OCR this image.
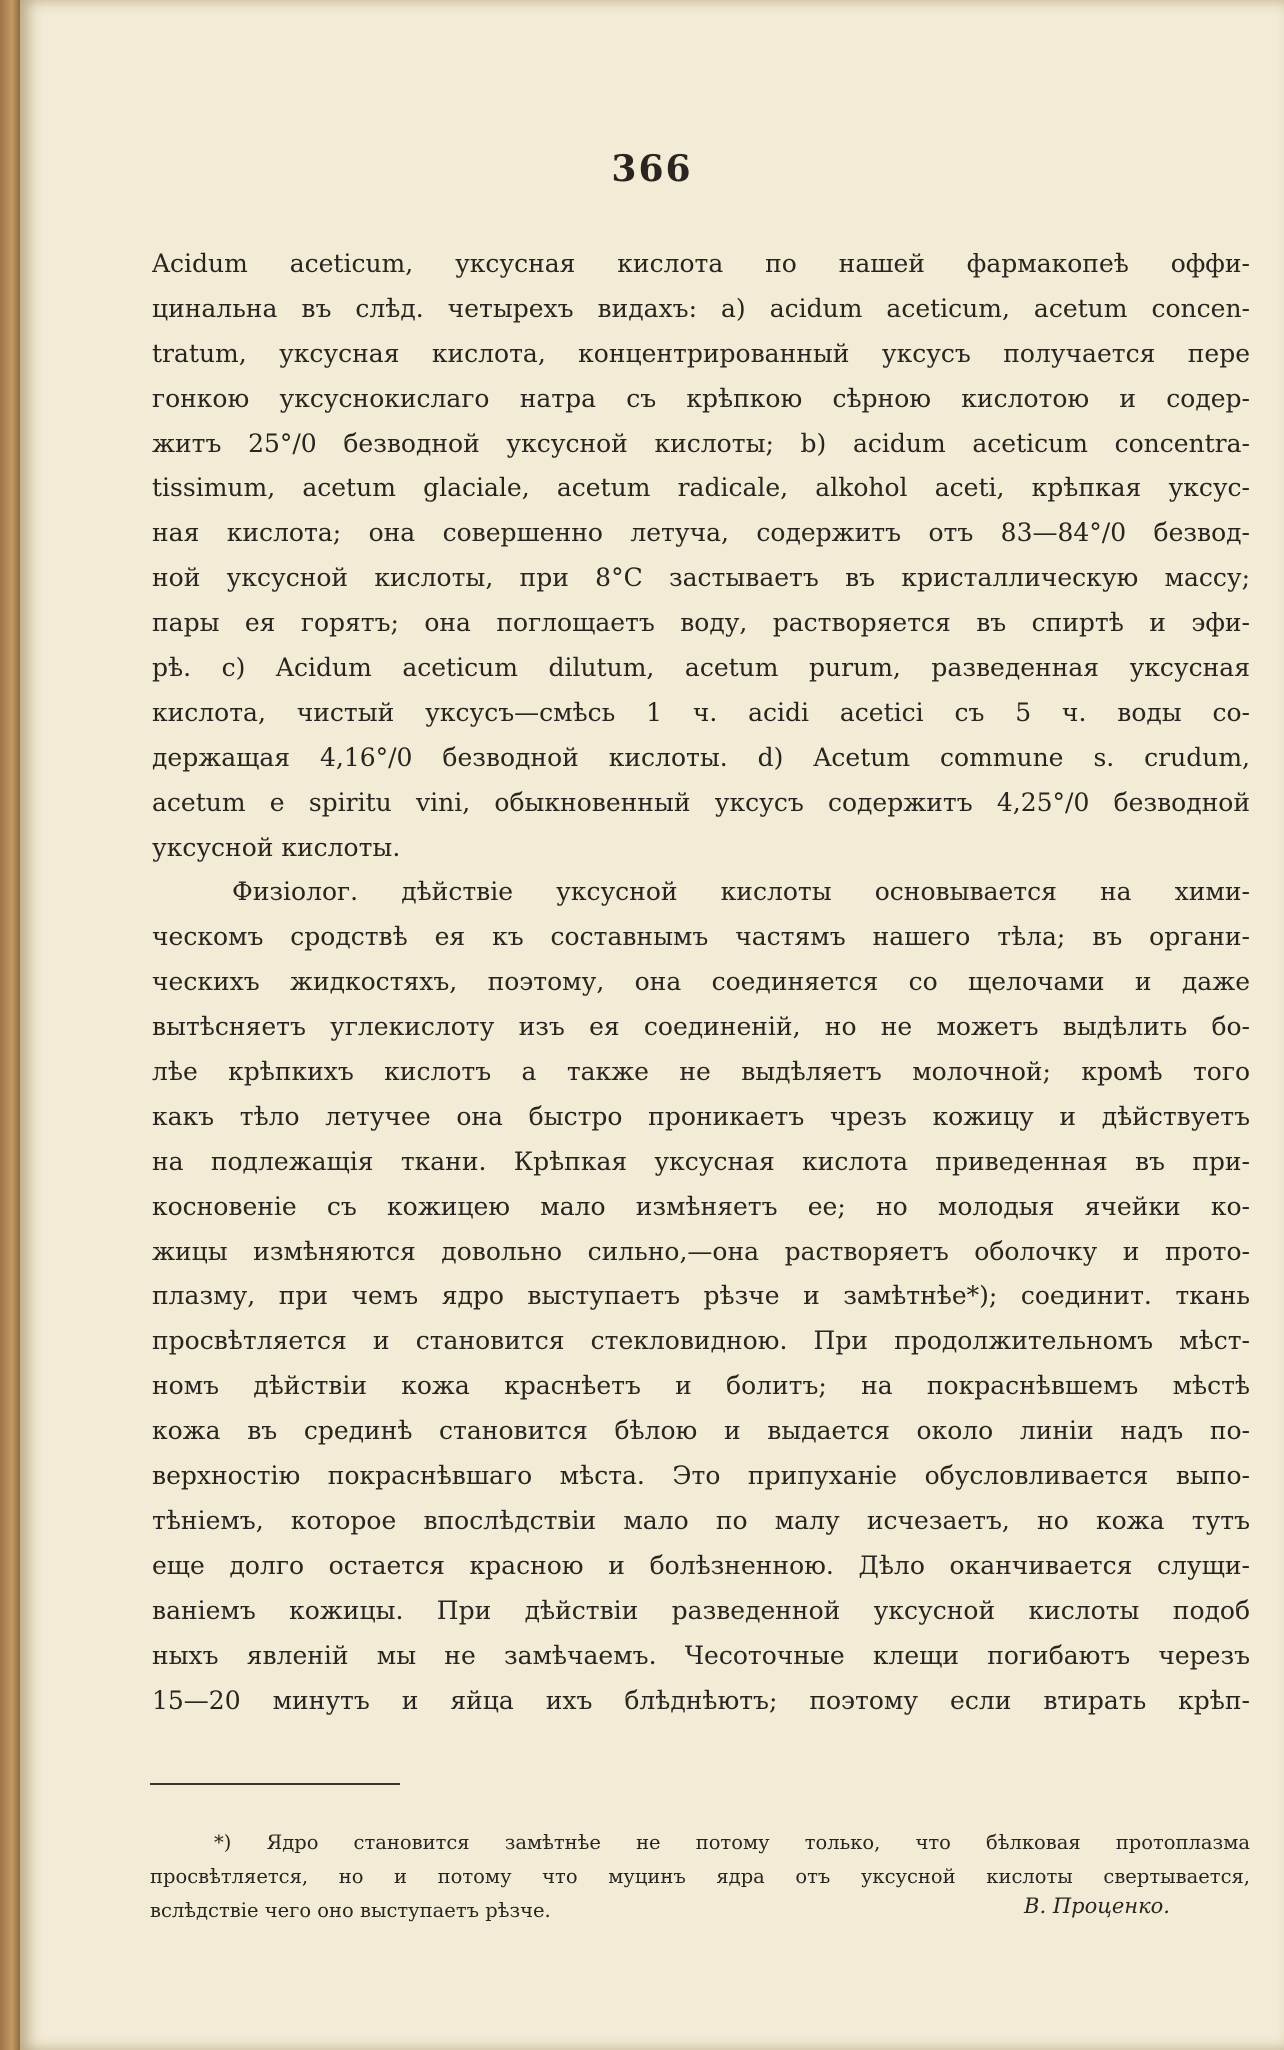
366
Acidum aceticum, уксусная кислота по нашей фармакопеѣ оффи-
цинальна въ слѣд. четырехъ видахъ: а) acidum aceticum, acetum concen-
tratum, уксусная кислота, концентрированный уксусъ получается пере
гонкою уксуснокислаго натра съ крѣпкою сѣрною кислотою и содер-
житъ 25°/0 безводной уксусной кислоты; b) acidum aceticum concentra-
tissimum, acetum glaciale, acetum radicale, alkohol aceti, крѣпкая уксус-
ная кислота; она совершенно летуча, содержитъ отъ 83—84°/0 безвод-
ной уксусной кислоты, при 8°C застываетъ въ кристаллическую массу;
пары ея горятъ; она поглощаетъ воду, растворяется въ спиртѣ и эфи-
рѣ. c) Acidum aceticum dilutum, acetum purum, разведенная уксусная
кислота, чистый уксусъ—смѣсь 1 ч. acidi acetici съ 5 ч. воды со-
держащая 4,16°/0 безводной кислоты. d) Acetum commune s. crudum,
acetum e spiritu vini, обыкновенный уксусъ содержитъ 4,25°/0 безводной
уксусной кислоты.
Физіолог. дѣйствіе уксусной кислоты основывается на хими-
ческомъ сродствѣ ея къ составнымъ частямъ нашего тѣла; въ органи-
ческихъ жидкостяхъ, поэтому, она соединяется со щелочами и даже
вытѣсняетъ углекислоту изъ ея соединеній, но не можетъ выдѣлить бо-
лѣе крѣпкихъ кислотъ а также не выдѣляетъ молочной; кромѣ того
какъ тѣло летучее она быстро проникаетъ чрезъ кожицу и дѣйствуетъ
на подлежащія ткани. Крѣпкая уксусная кислота приведенная въ при-
косновеніе съ кожицею мало измѣняетъ ее; но молодыя ячейки ко-
жицы измѣняются довольно сильно,—она растворяетъ оболочку и прото-
плазму, при чемъ ядро выступаетъ рѣзче и замѣтнѣе*); соединит. ткань
просвѣтляется и становится стекловидною. При продолжительномъ мѣст-
номъ дѣйствіи кожа краснѣетъ и болитъ; на покраснѣвшемъ мѣстѣ
кожа въ срединѣ становится бѣлою и выдается около линіи надъ по-
верхностію покраснѣвшаго мѣста. Это припуханіе обусловливается выпо-
тѣніемъ, которое впослѣдствіи мало по малу исчезаетъ, но кожа тутъ
еще долго остается красною и болѣзненною. Дѣло оканчивается слущи-
ваніемъ кожицы. При дѣйствіи разведенной уксусной кислоты подоб
ныхъ явленій мы не замѣчаемъ. Чесоточные клещи погибаютъ черезъ
15—20 минутъ и яйца ихъ блѣднѣютъ; поэтому если втирать крѣп-
*) Ядро становится замѣтнѣе не потому только, что бѣлковая протоплазма
просвѣтляется, но и потому что муцинъ ядра отъ уксусной кислоты свертывается,
вслѣдствіе чего оно выступаетъ рѣзче.	В. Проценко.
